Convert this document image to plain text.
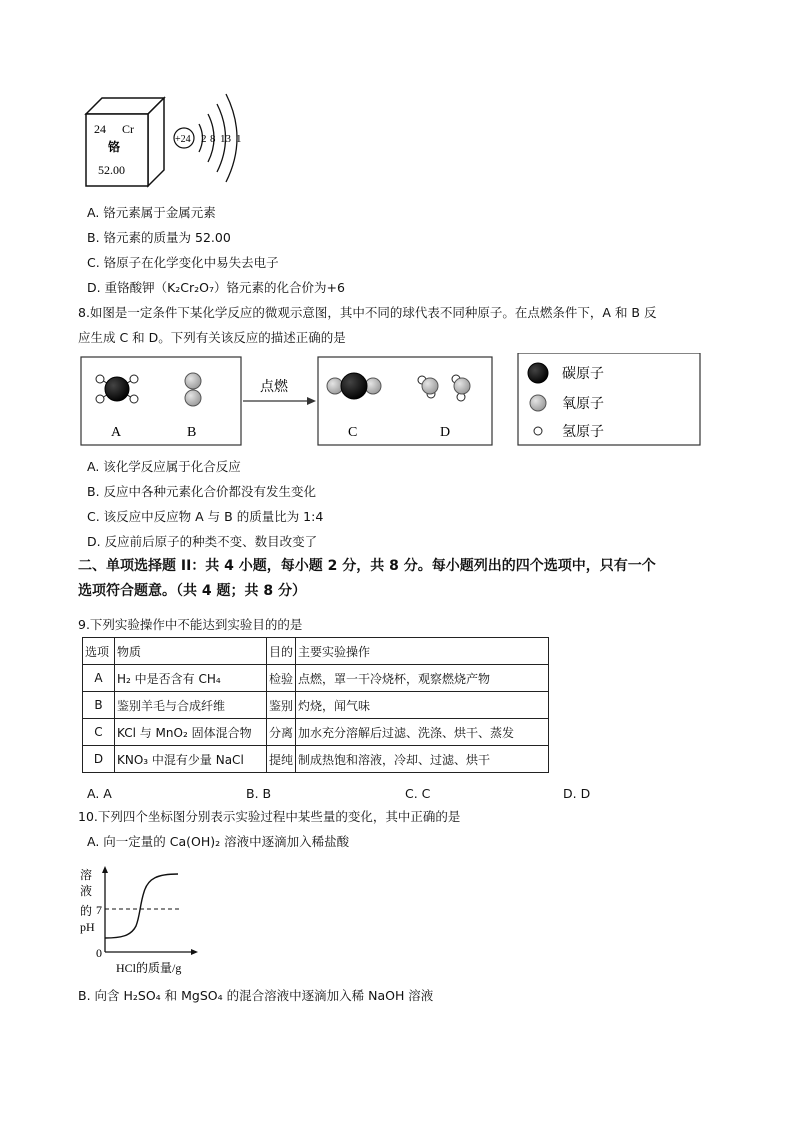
24 Cr
铬
52.00
+24 2 8 13 1
A. 铬元素属于金属元素
B. 铬元素的质量为 52.00
C. 铬原子在化学变化中易失去电子
D. 重铬酸钾（K₂Cr₂O₇）铬元素的化合价为+6
8.如图是一定条件下某化学反应的微观示意图，其中不同的球代表不同种原子。在点燃条件下，A 和 B 反
应生成 C 和 D。下列有关该反应的描述正确的是
A	B
点燃
C	D
碳原子
氧原子
氢原子
A. 该化学反应属于化合反应
B. 反应中各种元素化合价都没有发生变化
C. 该反应中反应物 A 与 B 的质量比为 1:4
D. 反应前后原子的种类不变、数目改变了
二、单项选择题 II：共 4 小题，每小题 2 分，共 8 分。每小题列出的四个选项中，只有一个
选项符合题意。（共 4 题；共 8 分）
9.下列实验操作中不能达到实验目的的是
选项	物质	目的	主要实验操作
A	H₂ 中是否含有 CH₄	检验	点燃，罩一干冷烧杯，观察燃烧产物
B	鉴别羊毛与合成纤维	鉴别	灼烧，闻气味
C	KCl 与 MnO₂ 固体混合物	分离	加水充分溶解后过滤、洗涤、烘干、蒸发
D	KNO₃ 中混有少量 NaCl	提纯	制成热饱和溶液，冷却、过滤、烘干
A. A	B. B	C. C	D. D
10.下列四个坐标图分别表示实验过程中某些量的变化，其中正确的是
A. 向一定量的 Ca(OH)₂ 溶液中逐滴加入稀盐酸
溶
液
的
pH
7
0
HCl的质量/g
B. 向含 H₂SO₄ 和 MgSO₄ 的混合溶液中逐滴加入稀 NaOH 溶液
